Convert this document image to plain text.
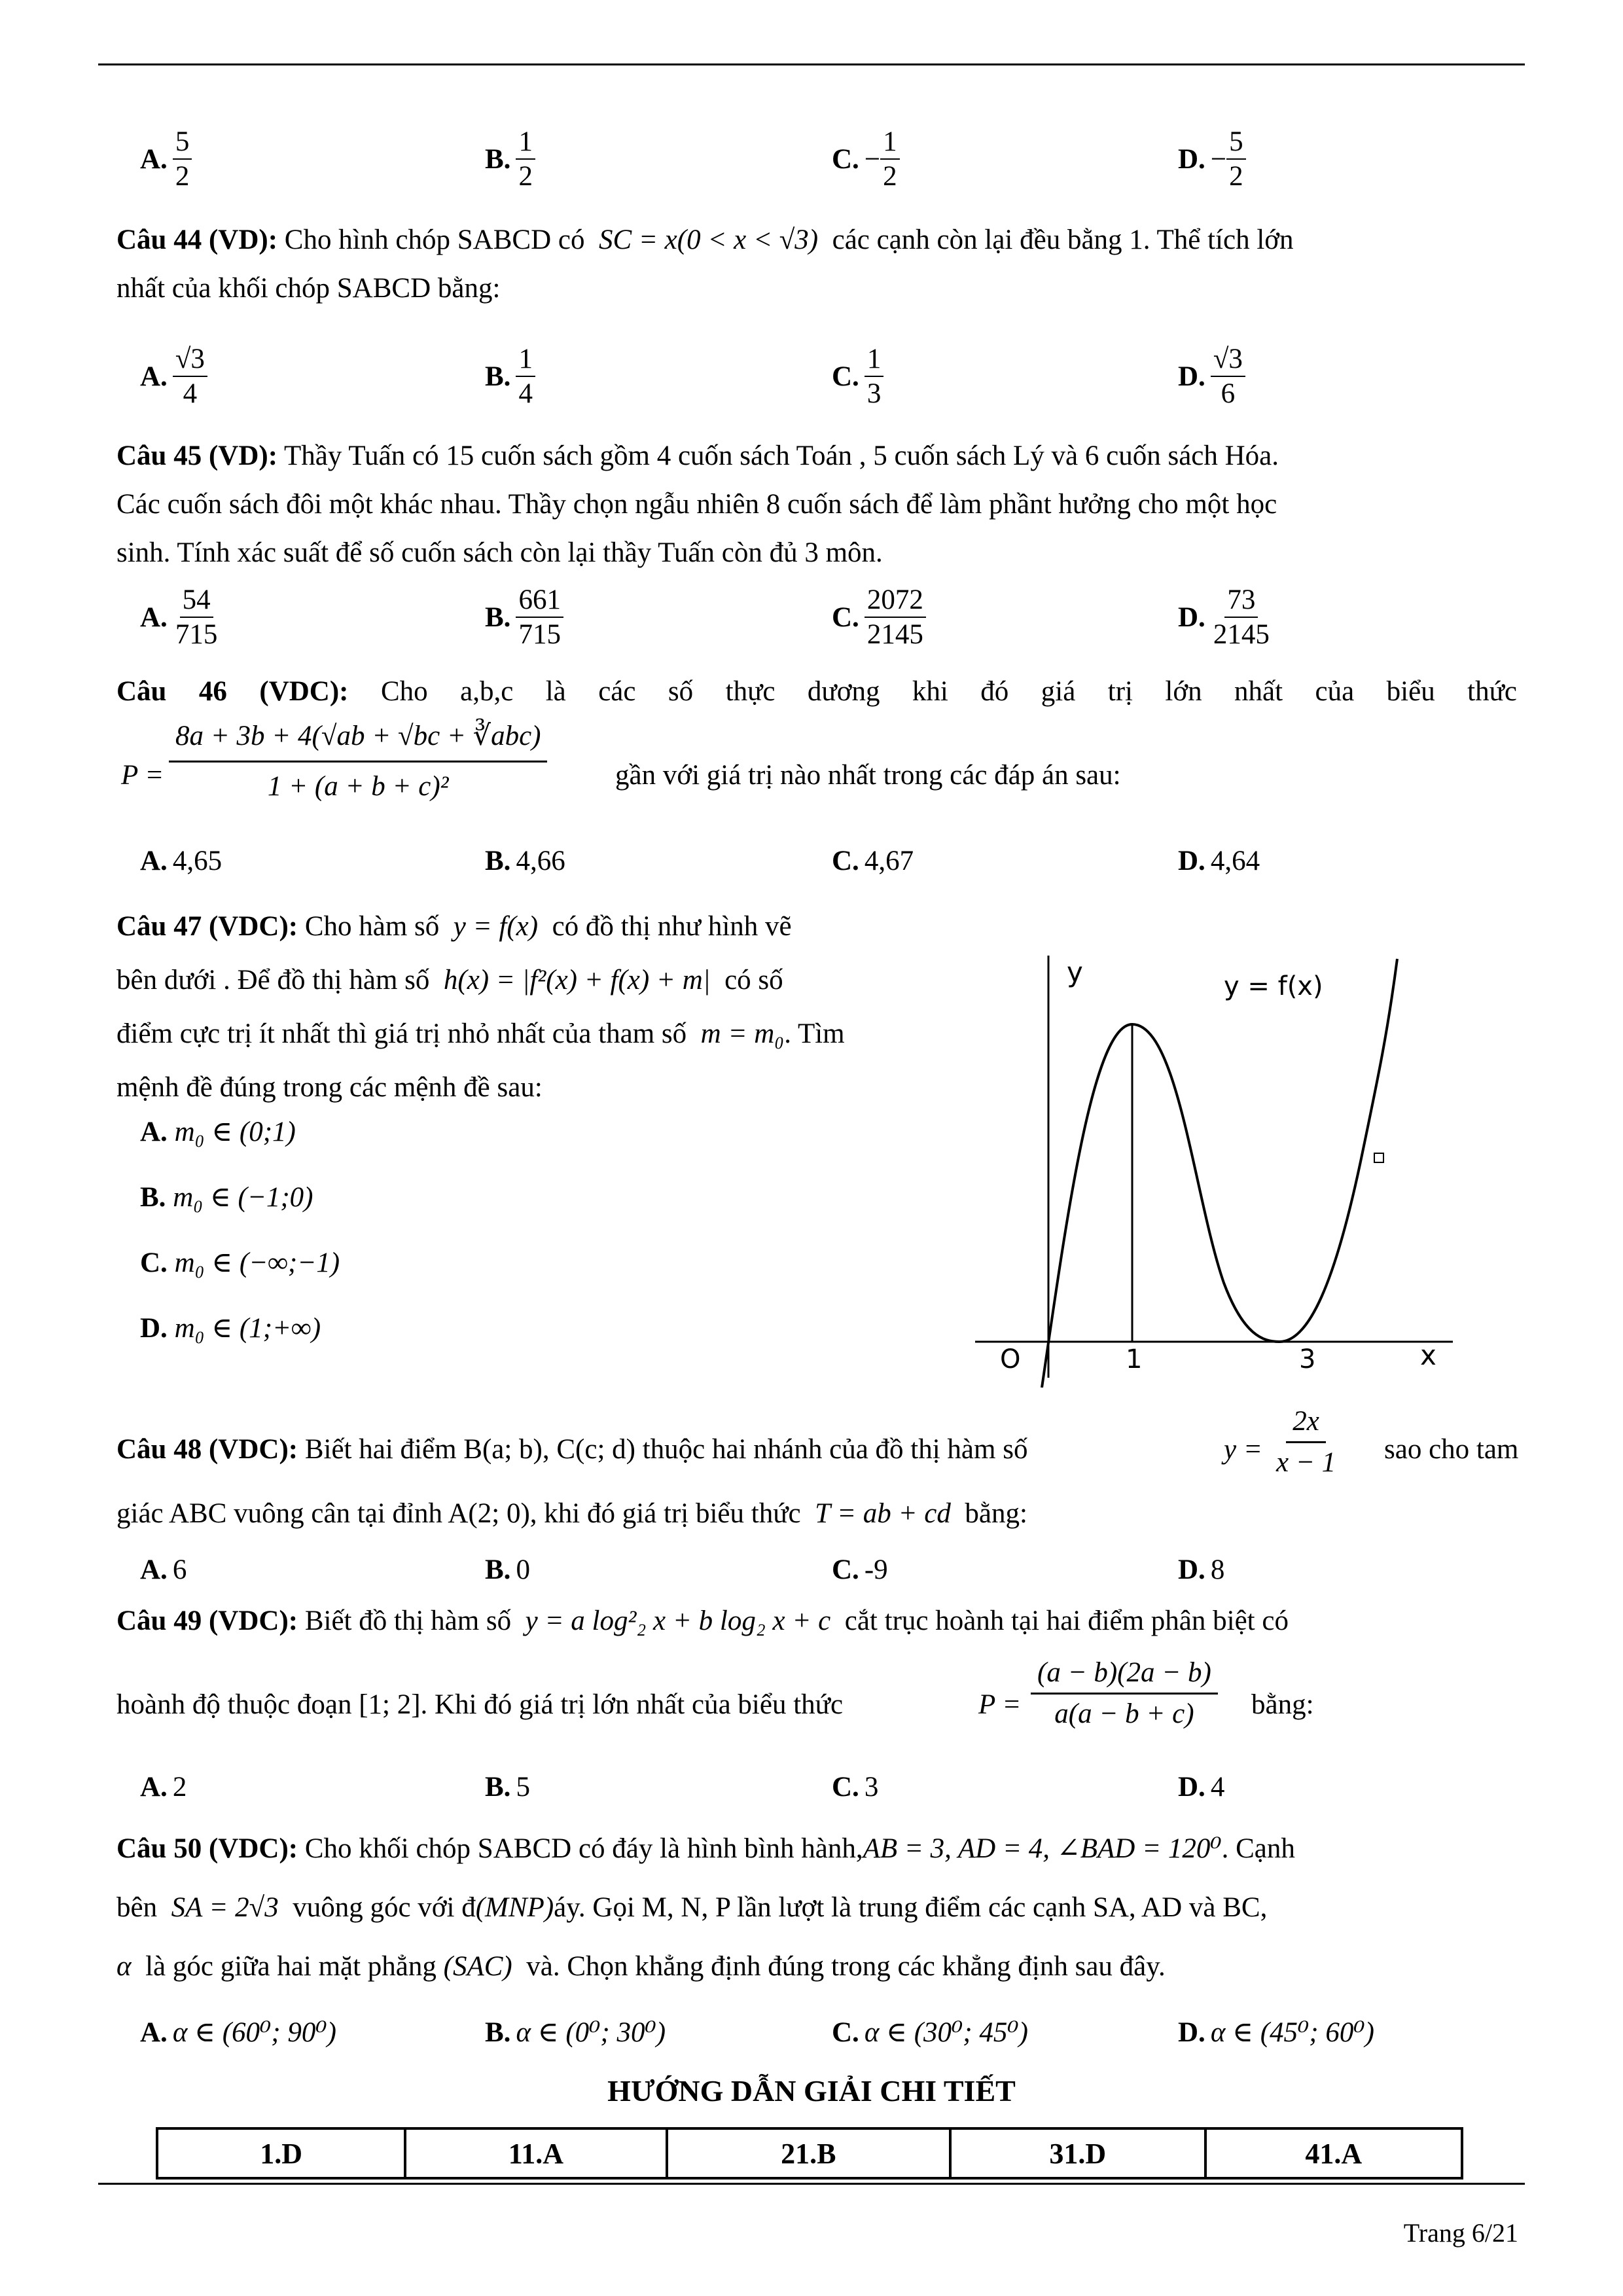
A. $\frac{5}{2}$	B. $\frac{1}{2}$	C. − $\frac{1}{2}$	D. − $\frac{5}{2}$
Câu 44 (VD): Cho hình chóp SABCD có SC = x(0 < x < √3) các cạnh còn lại đều bằng 1. Thể tích lớn
nhất của khối chóp SABCD bằng:
A. $\frac{√3}{4}$	B. $\frac{1}{4}$	C. $\frac{1}{3}$	D. $\frac{√3}{6}$
Câu 45 (VD): Thầy Tuấn có 15 cuốn sách gồm 4 cuốn sách Toán , 5 cuốn sách Lý và 6 cuốn sách Hóa.
Các cuốn sách đôi một khác nhau. Thầy chọn ngẫu nhiên 8 cuốn sách để làm phầnt hưởng cho một học
sinh. Tính xác suất để số cuốn sách còn lại thầy Tuấn còn đủ 3 môn.
A. $\frac{54}{715}$	B. $\frac{661}{715}$	C. $\frac{2072}{2145}$	D. $\frac{73}{2145}$
Câu 46 (VDC): Cho a,b,c là các số thực dương khi đó giá trị lớn nhất của biểu thức
P =
8a + 3b + 4(√ab + √bc + ∛abc)
1 + (a + b + c)²	gần với giá trị nào nhất trong các đáp án sau:
A. 4,65	B. 4,66	C. 4,67	D. 4,64
Câu 47 (VDC): Cho hàm số y = f(x) có đồ thị như hình vẽ
bên dưới . Để đồ thị hàm số h(x) = |f²(x) + f(x) + m| có số
điểm cực trị ít nhất thì giá trị nhỏ nhất của tham số m = m₀. Tìm
mệnh đề đúng trong các mệnh đề sau:
A. m₀ ∈ (0;1)
B. m₀ ∈ (−1;0)
C. m₀ ∈ (−∞;−1)
D. m₀ ∈ (1;+∞)
y	y = f(x)
O	1	3	x
Câu 48 (VDC): Biết hai điểm B(a; b), C(c; d) thuộc hai nhánh của đồ thị hàm số	$y = \frac{2x}{x - 1}$ sao cho tam
giác ABC vuông cân tại đỉnh A(2; 0), khi đó giá trị biểu thức T = ab + cd bằng:
A. 6	B. 0	C. -9	D. 8
Câu 49 (VDC): Biết đồ thị hàm số y = a log²₂ x + b log₂ x + c cắt trục hoành tại hai điểm phân biệt có
hoành độ thuộc đoạn [1; 2]. Khi đó giá trị lớn nhất của biểu thức	$P = \frac{(a - b)(2a - b)}{a(a - b + c)}$ bằng:
A. 2	B. 5	C. 3	D. 4
Câu 50 (VDC): Cho khối chóp SABCD có đáy là hình bình hành,AB = 3, AD = 4, ∠BAD = 120⁰. Cạnh
bên SA = 2√3 vuông góc với đ(MNP)áy. Gọi M, N, P lần lượt là trung điểm các cạnh SA, AD và BC,
α là góc giữa hai mặt phẳng (SAC) và. Chọn khẳng định đúng trong các khẳng định sau đây.
A. α ∈ (60⁰; 90⁰)	B. α ∈ (0⁰; 30⁰)	C. α ∈ (30⁰; 45⁰)	D. α ∈ (45⁰; 60⁰)
HƯỚNG DẪN GIẢI CHI TIẾT
1.D	11.A	21.B	31.D	41.A
Trang 6/21
